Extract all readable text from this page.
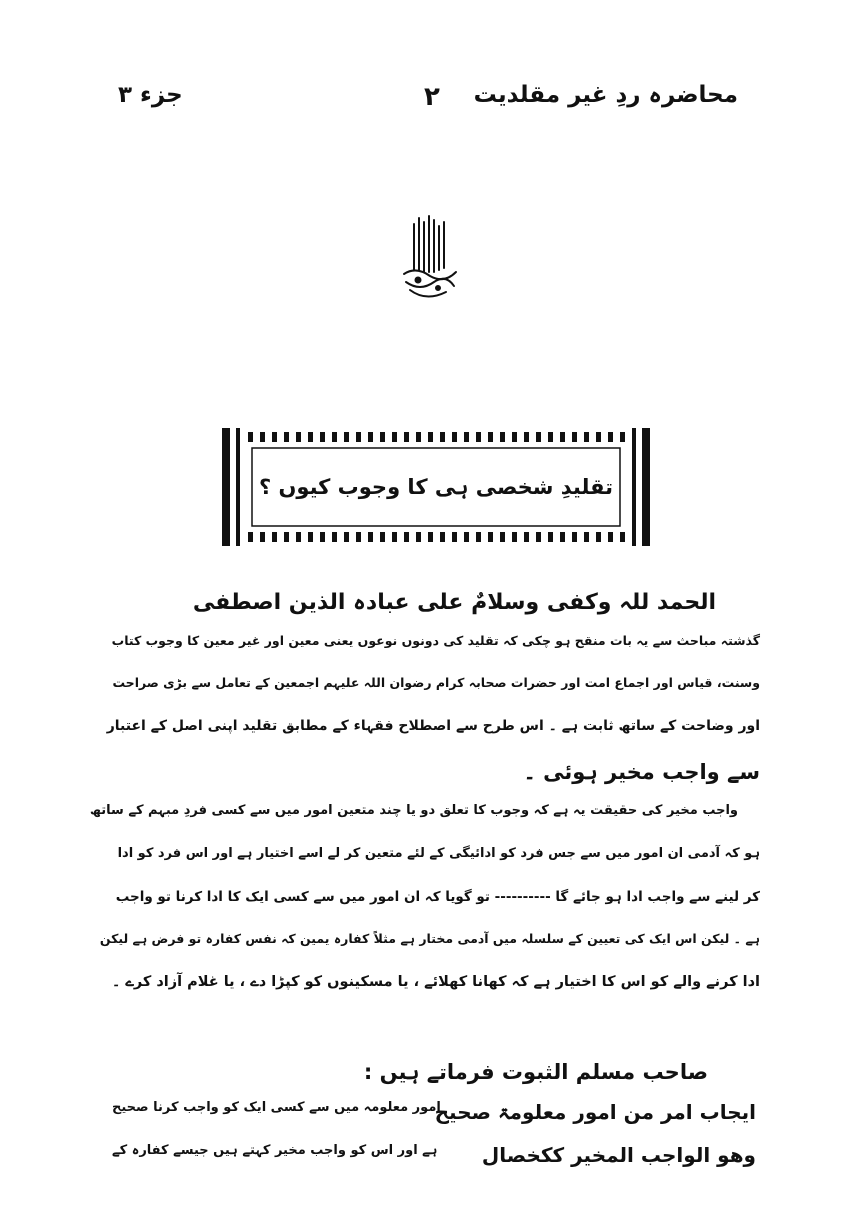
محاضرہ ردِ غیر مقلدیت
٢
جزء ٣
تقلیدِ شخصی ہی کا وجوب کیوں ؟
الحمد للہ وکفی وسلامٌ علی عبادہ الذین اصطفی
گذشتہ مباحث سے یہ بات منقح ہو چکی کہ تقلید کی دونوں نوعوں یعنی معین اور غیر معین کا وجوب کتاب
وسنت، قیاس اور اجماع امت اور حضرات صحابہ کرام رضوان اللہ علیہم اجمعین کے تعامل سے بڑی صراحت
اور وضاحت کے ساتھ ثابت ہے ۔ اس طرح سے اصطلاح فقہاء کے مطابق تقلید اپنی اصل کے اعتبار
سے واجب مخیر ہوئی ۔
واجب مخیر کی حقیقت یہ ہے کہ وجوب کا تعلق دو یا چند متعین امور میں سے کسی فردِ مبہم کے ساتھ
ہو کہ آدمی ان امور میں سے جس فرد کو ادائیگی کے لئے متعین کر لے اسے اختیار ہے اور اس فرد کو ادا
کر لینے سے واجب ادا ہو جائے گا ---------- تو گویا کہ ان امور میں سے کسی ایک کا ادا کرنا تو واجب
ہے ۔ لیکن اس ایک کی تعیین کے سلسلہ میں آدمی مختار ہے مثلاً کفارہ یمین کہ نفس کفارہ تو فرض ہے لیکن
ادا کرنے والے کو اس کا اختیار ہے کہ کھانا کھلائے ، یا مسکینوں کو کپڑا دے ، یا غلام آزاد کرے ۔
صاحب مسلم الثبوت فرماتے ہیں :
ایجاب امر من امور معلومۃ صحیح
امور معلومہ میں سے کسی ایک کو واجب کرنا صحیح
وھو الواجب المخیر ککخصال
ہے اور اس کو واجب مخیر کہتے ہیں جیسے کفارہ کے
